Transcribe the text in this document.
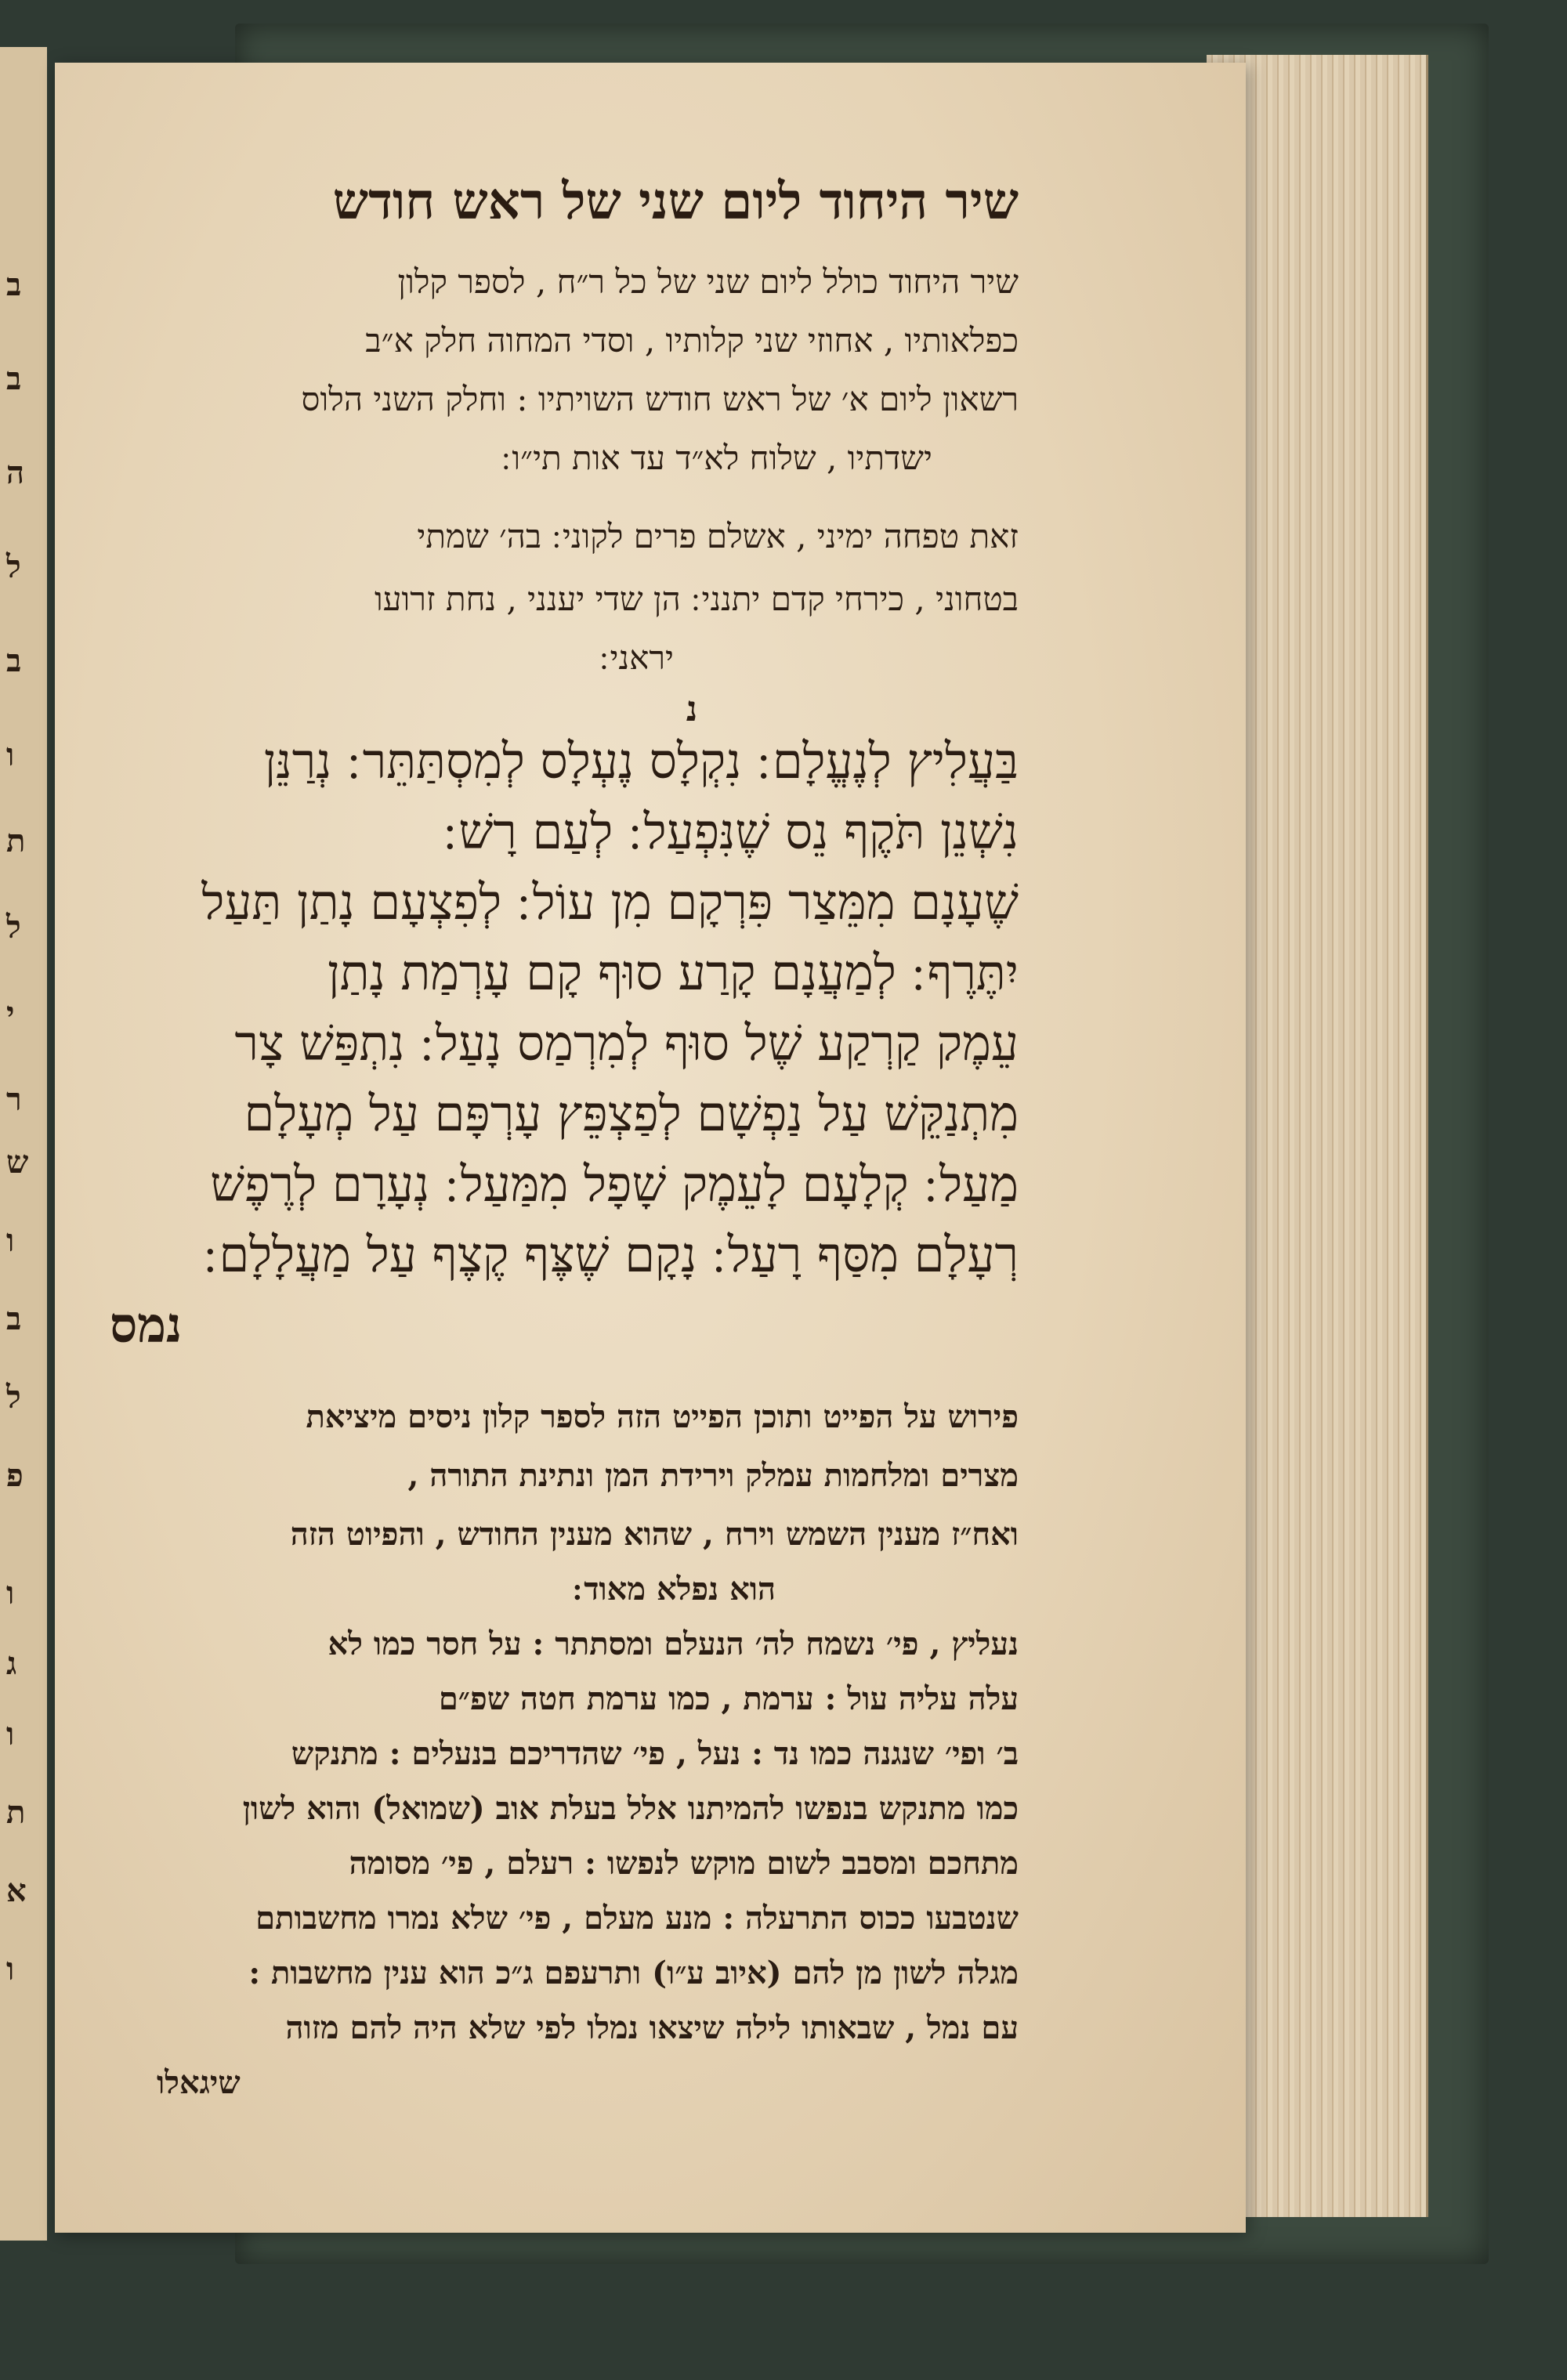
ב
ב
ה
ל
ב
ו
ת
ל
י
ר
ש
ו
ב
ל
פ
ו
ג
ו
ת
א
ו
שיר היחוד ליום שני של ראש חודש
שיר היחוד כולל ליום שני של כל ר״ח , לספר קלון
כפלאותיו , אחוזי שני קלותיו , וסדי המחוה חלק א״ב
רשאון ליום א׳ של ראש חודש השויתיו : וחלק השני הלוס
ישדתיו , שלוח לא״ד עד אות תי״ו ׃
זאת טפחה ימיני , אשלם פרים לקוני ׃ בה׳ שמתי
בטחוני , כירחי קדם יתנני ׃ הן שדי יענני , נחת זרועו
יראני ׃
נ
בַּעֲלִיץ לְנֶעֱלָם ׃ נִקְלָס נֶעְלָס לְמִסְתַּתֵּר ׃ נְרַנֵּן
נִשְׁנֵן תֹּקֶף נֵס שֶׁנִּפְעַל ׃ לְעַם רָשׁ ׃
שֶׁעָנָם מִמֵּצַר פִּרְקָם מִן עוֹל ׃ לְפִצְעָם נָתַן תַּעַל
יִתֶּרֶף ׃ לְמַעֲנָם קָרַע סוּף קָם עָרְמַת נָתַן
עֵמֶק קַרְקַע שֶׁל סוּף לְמִרְמַס נָעַל ׃ נִתְפַּשׁ צָר
מִתְנַקֵּשׁ עַל נַפְשָׁם לְפַצְפֵּץ עָרְפָּם עַל מְעָלָם
מַעַל ׃ קְלָעָם לָעֵמֶק שָׁפָל מִמַּעַל ׃ נְעָרָם לְרֶפֶשׁ
רְעָלָם מִסַּף רָעַל ׃ נָקָם שֶׁצֶּף קֶצֶף עַל מַעֲלָלָם ׃
נמס
פירוש על הפייט ותוכן הפייט הזה לספר קלון ניסים מיציאת
מצרים ומלחמות עמלק וירידת המן ונתינת התורה ,
ואח״ז מענין השמש וירח , שהוא מענין החודש , והפיוט הזה
הוא נפלא מאוד ׃
נעליץ , פי׳ נשמח לה׳ הנעלם ומסתתר : על חסר כמו לא
עלה עליה עול : ערמת , כמו ערמת חטה שפ״ם
ב׳ ופי׳ שנגנה כמו נד : נעל , פי׳ שהדריכם בנעלים : מתנקש
כמו מתנקש בנפשו להמיתנו אלל בעלת אוב (שמואל) והוא לשון
מתחכם ומסבב לשום מוקש לנפשו : רעלם , פי׳ מסומה
שנטבעו ככוס התרעלה : מנע מעלם , פי׳ שלא נמרו מחשבותם
מגלה לשון מן להם (איוב ע״ו) ותרעפם ג״כ הוא ענין מחשבות :
עם נמל , שבאותו לילה שיצאו נמלו לפי שלא היה להם מזוה
שיגאלו
